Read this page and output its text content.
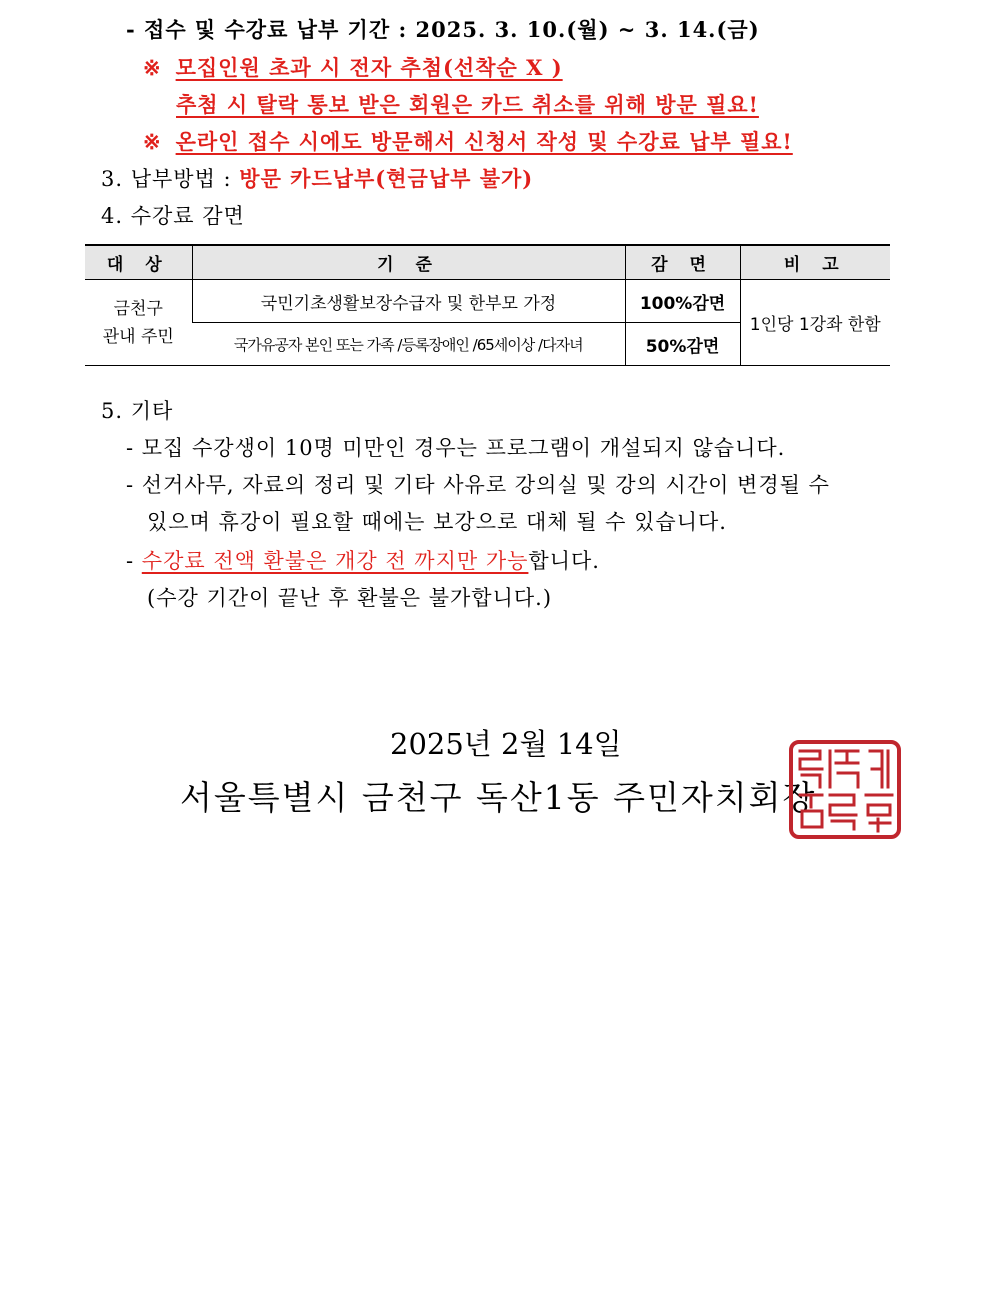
- 접수 및 수강료 납부 기간 : 2025. 3. 10.(월) ~ 3. 14.(금)
※ 모집인원 초과 시 전자 추첨(선착순 X )
추첨 시 탈락 통보 받은 회원은 카드 취소를 위해 방문 필요!
※ 온라인 접수 시에도 방문해서 신청서 작성 및 수강료 납부 필요!
3. 납부방법 : 방문 카드납부(현금납부 불가)
4. 수강료 감면
대 상	기 준	감 면	비 고
금천구
관내 주민	국민기초생활보장수급자 및 한부모 가정	100%감면	1인당 1강좌 한함
	국가유공자 본인 또는 가족 /등록장애인 /65세이상 /다자녀	50%감면	
5. 기타
- 모집 수강생이 10명 미만인 경우는 프로그램이 개설되지 않습니다.
- 선거사무, 자료의 정리 및 기타 사유로 강의실 및 강의 시간이 변경될 수
있으며 휴강이 필요할 때에는 보강으로 대체 될 수 있습니다.
- 수강료 전액 환불은 개강 전 까지만 가능합니다.
(수강 기간이 끝난 후 환불은 불가합니다.)
2025년 2월 14일
서울특별시 금천구 독산1동 주민자치회장
